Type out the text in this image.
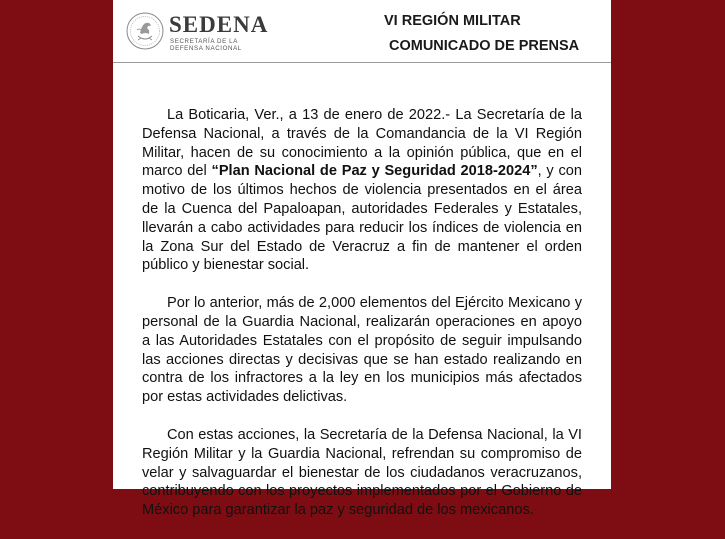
SEDENA
SECRETARÍA DE LA
DEFENSA NACIONAL
VI REGIÓN MILITAR
COMUNICADO DE PRENSA

La Boticaria, Ver., a 13 de enero de 2022.- La Secretaría de la Defensa Nacional, a través de la Comandancia de la VI Región Militar, hacen de su conocimiento a la opinión pública, que en el marco del “Plan Nacional de Paz y Seguridad 2018-2024”, y con motivo de los últimos hechos de violencia presentados en el área de la Cuenca del Papaloapan, autoridades Federales y Estatales, llevarán a cabo actividades para reducir los índices de violencia en la Zona Sur del Estado de Veracruz a fin de mantener el orden público y bienestar social.

Por lo anterior, más de 2,000 elementos del Ejército Mexicano y personal de la Guardia Nacional, realizarán operaciones en apoyo a las Autoridades Estatales con el propósito de seguir impulsando las acciones directas y decisivas que se han estado realizando en contra de los infractores a la ley en los municipios más afectados por estas actividades delictivas.

Con estas acciones, la Secretaría de la Defensa Nacional, la VI Región Militar y la Guardia Nacional, refrendan su compromiso de velar y salvaguardar el bienestar de los ciudadanos veracruzanos, contribuyendo con los proyectos implementados por el Gobierno de México para garantizar la paz y seguridad de los mexicanos.
